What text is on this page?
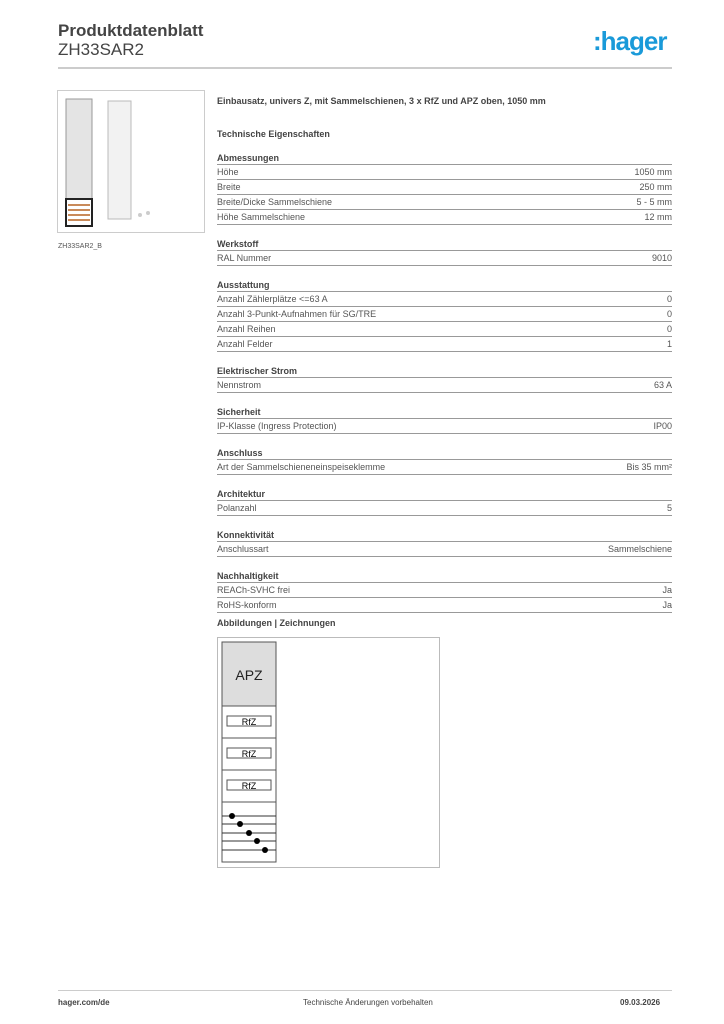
Produktdatenblatt
ZH33SAR2	:hager
ZH33SAR2_B
Einbausatz, univers Z, mit Sammelschienen, 3 x RfZ und APZ oben, 1050 mm
Technische Eigenschaften
Abmessungen
Höhe	1050 mm
Breite	250 mm
Breite/Dicke Sammelschiene	5 - 5 mm
Höhe Sammelschiene	12 mm
Werkstoff
RAL Nummer	9010
Ausstattung
Anzahl Zählerplätze <=63 A	0
Anzahl 3-Punkt-Aufnahmen für SG/TRE	0
Anzahl Reihen	0
Anzahl Felder	1
Elektrischer Strom
Nennstrom	63 A
Sicherheit
IP-Klasse (Ingress Protection)	IP00
Anschluss
Art der Sammelschieneneinspeiseklemme	Bis 35 mm²
Architektur
Polanzahl	5
Konnektivität
Anschlussart	Sammelschiene
Nachhaltigkeit
REACh-SVHC frei	Ja
RoHS-konform	Ja
Abbildungen | Zeichnungen
APZ
RfZ
RfZ
RfZ
hager.com/de	Technische Änderungen vorbehalten	09.03.2026
